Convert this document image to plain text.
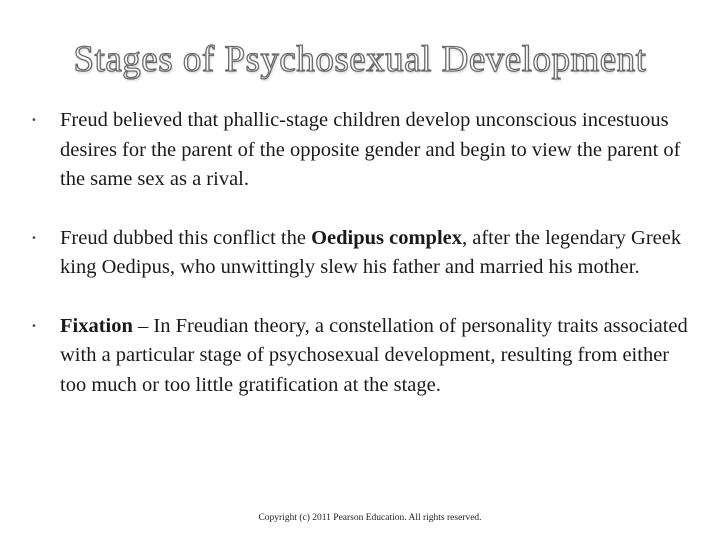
Stages of Psychosexual Development
• Freud believed that phallic-stage children develop unconscious incestuous desires for the parent of the opposite gender and begin to view the parent of the same sex as a rival.
• Freud dubbed this conflict the Oedipus complex, after the legendary Greek king Oedipus, who unwittingly slew his father and married his mother.
• Fixation – In Freudian theory, a constellation of personality traits associated with a particular stage of psychosexual development, resulting from either too much or too little gratification at the stage.
Copyright (c) 2011 Pearson Education. All rights reserved.
